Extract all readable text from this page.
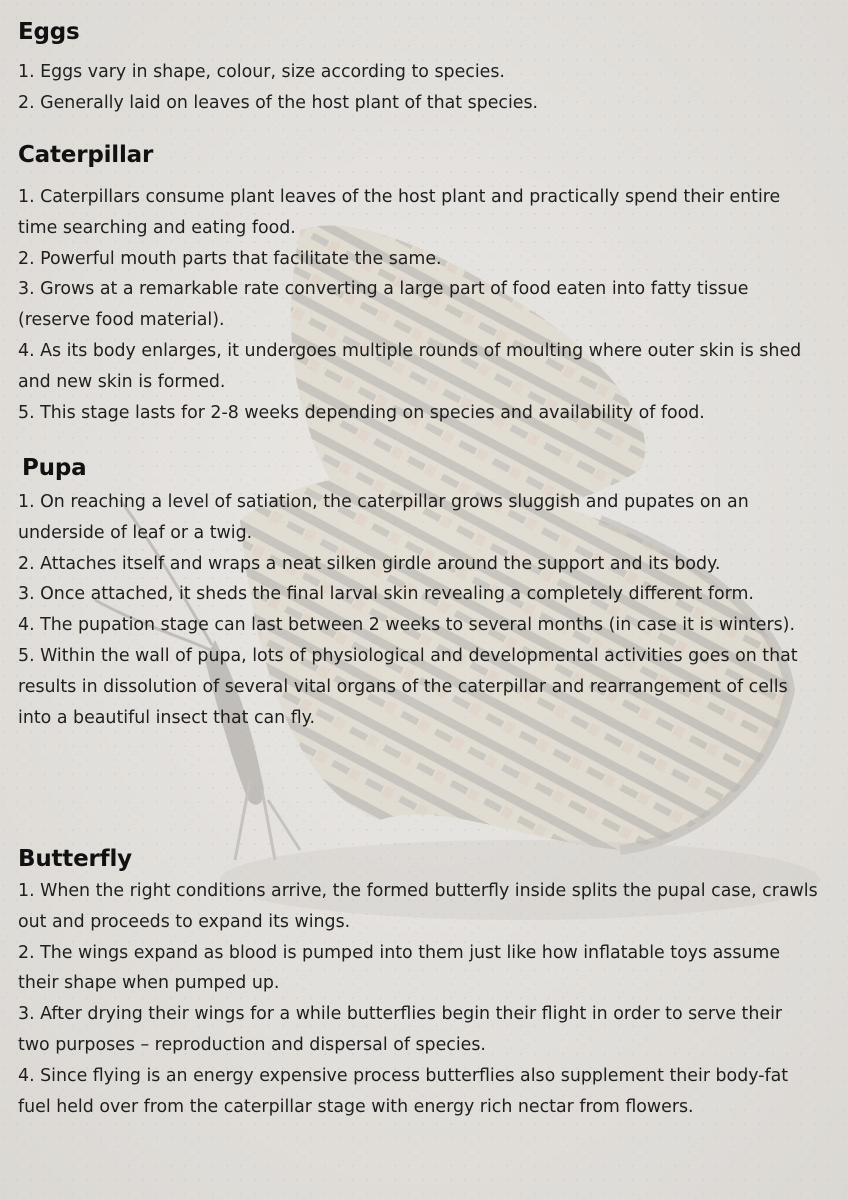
Eggs

1. Eggs vary in shape, colour, size according to species.

2. Generally laid on leaves of the host plant of that species.

Caterpillar

1. Caterpillars consume plant leaves of the host plant and practically spend their entire time searching and eating food.

2. Powerful mouth parts that facilitate the same.

3. Grows at a remarkable rate converting a large part of food eaten into fatty tissue (reserve food material).

4. As its body enlarges, it undergoes multiple rounds of moulting where outer skin is shed and new skin is formed.

5. This stage lasts for 2-8 weeks depending on species and availability of food.

Pupa

1. On reaching a level of satiation, the caterpillar grows sluggish and pupates on an underside of leaf or a twig.

2. Attaches itself and wraps a neat silken girdle around the support and its body.

3. Once attached, it sheds the final larval skin revealing a completely different form.

4. The pupation stage can last between 2 weeks to several months (in case it is winters).

5. Within the wall of pupa, lots of physiological and developmental activities goes on that results in dissolution of several vital organs of the caterpillar and rearrangement of cells into a beautiful insect that can fly.

Butterfly

1. When the right conditions arrive, the formed butterfly inside splits the pupal case, crawls out and proceeds to expand its wings.

2. The wings expand as blood is pumped into them just like how inflatable toys assume their shape when pumped up.

3. After drying their wings for a while butterflies begin their flight in order to serve their two purposes – reproduction and dispersal of species.

4. Since flying is an energy expensive process butterflies also supplement their body-fat fuel held over from the caterpillar stage with energy rich nectar from flowers.
